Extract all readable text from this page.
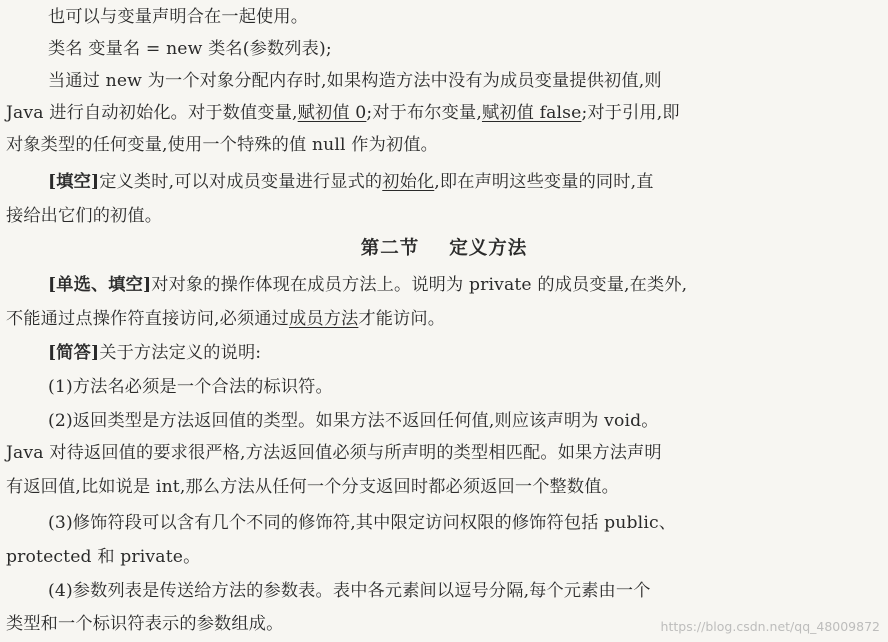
也可以与变量声明合在一起使用。
类名 变量名 = new 类名(参数列表);
当通过 new 为一个对象分配内存时,如果构造方法中没有为成员变量提供初值,则
Java 进行自动初始化。对于数值变量,赋初值 0;对于布尔变量,赋初值 false;对于引用,即
对象类型的任何变量,使用一个特殊的值 null 作为初值。
[填空]定义类时,可以对成员变量进行显式的初始化,即在声明这些变量的同时,直
接给出它们的初值。
第二节 定义方法
[单选、填空]对对象的操作体现在成员方法上。说明为 private 的成员变量,在类外,
不能通过点操作符直接访问,必须通过成员方法才能访问。
[简答]关于方法定义的说明:
(1)方法名必须是一个合法的标识符。
(2)返回类型是方法返回值的类型。如果方法不返回任何值,则应该声明为 void。
Java 对待返回值的要求很严格,方法返回值必须与所声明的类型相匹配。如果方法声明
有返回值,比如说是 int,那么方法从任何一个分支返回时都必须返回一个整数值。
(3)修饰符段可以含有几个不同的修饰符,其中限定访问权限的修饰符包括 public、
protected 和 private。
(4)参数列表是传送给方法的参数表。表中各元素间以逗号分隔,每个元素由一个
类型和一个标识符表示的参数组成。	https://blog.csdn.net/qq_48009872
